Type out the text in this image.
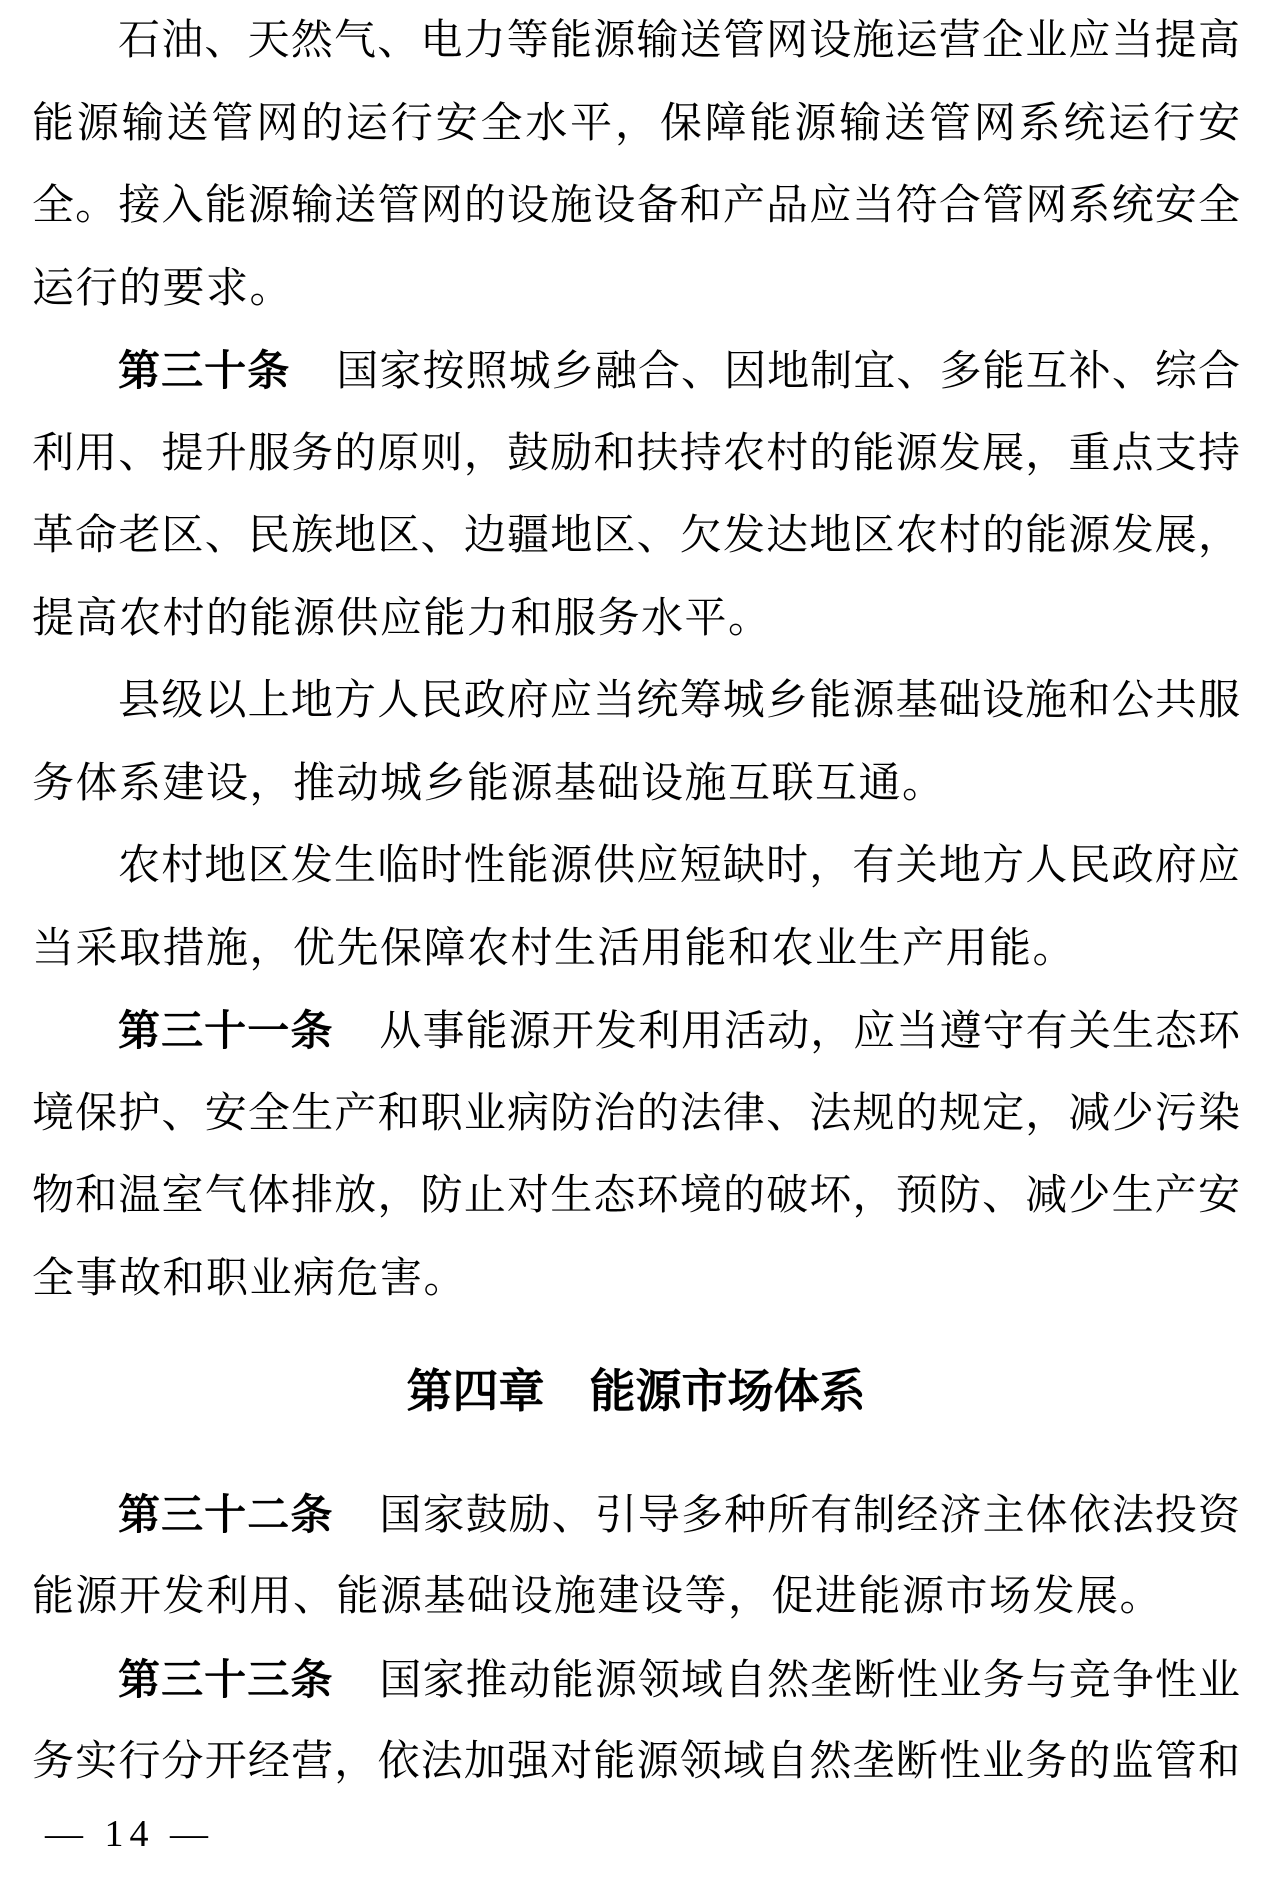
石油、天然气、电力等能源输送管网设施运营企业应当提高
能源输送管网的运行安全水平，保障能源输送管网系统运行安
全。接入能源输送管网的设施设备和产品应当符合管网系统安全
运行的要求。
第三十条 国家按照城乡融合、因地制宜、多能互补、综合
利用、提升服务的原则，鼓励和扶持农村的能源发展，重点支持
革命老区、民族地区、边疆地区、欠发达地区农村的能源发展，
提高农村的能源供应能力和服务水平。
县级以上地方人民政府应当统筹城乡能源基础设施和公共服
务体系建设，推动城乡能源基础设施互联互通。
农村地区发生临时性能源供应短缺时，有关地方人民政府应
当采取措施，优先保障农村生活用能和农业生产用能。
第三十一条 从事能源开发利用活动，应当遵守有关生态环
境保护、安全生产和职业病防治的法律、法规的规定，减少污染
物和温室气体排放，防止对生态环境的破坏，预防、减少生产安
全事故和职业病危害。
第四章 能源市场体系
第三十二条 国家鼓励、引导多种所有制经济主体依法投资
能源开发利用、能源基础设施建设等，促进能源市场发展。
第三十三条 国家推动能源领域自然垄断性业务与竞争性业
务实行分开经营，依法加强对能源领域自然垄断性业务的监管和
— 14 —
